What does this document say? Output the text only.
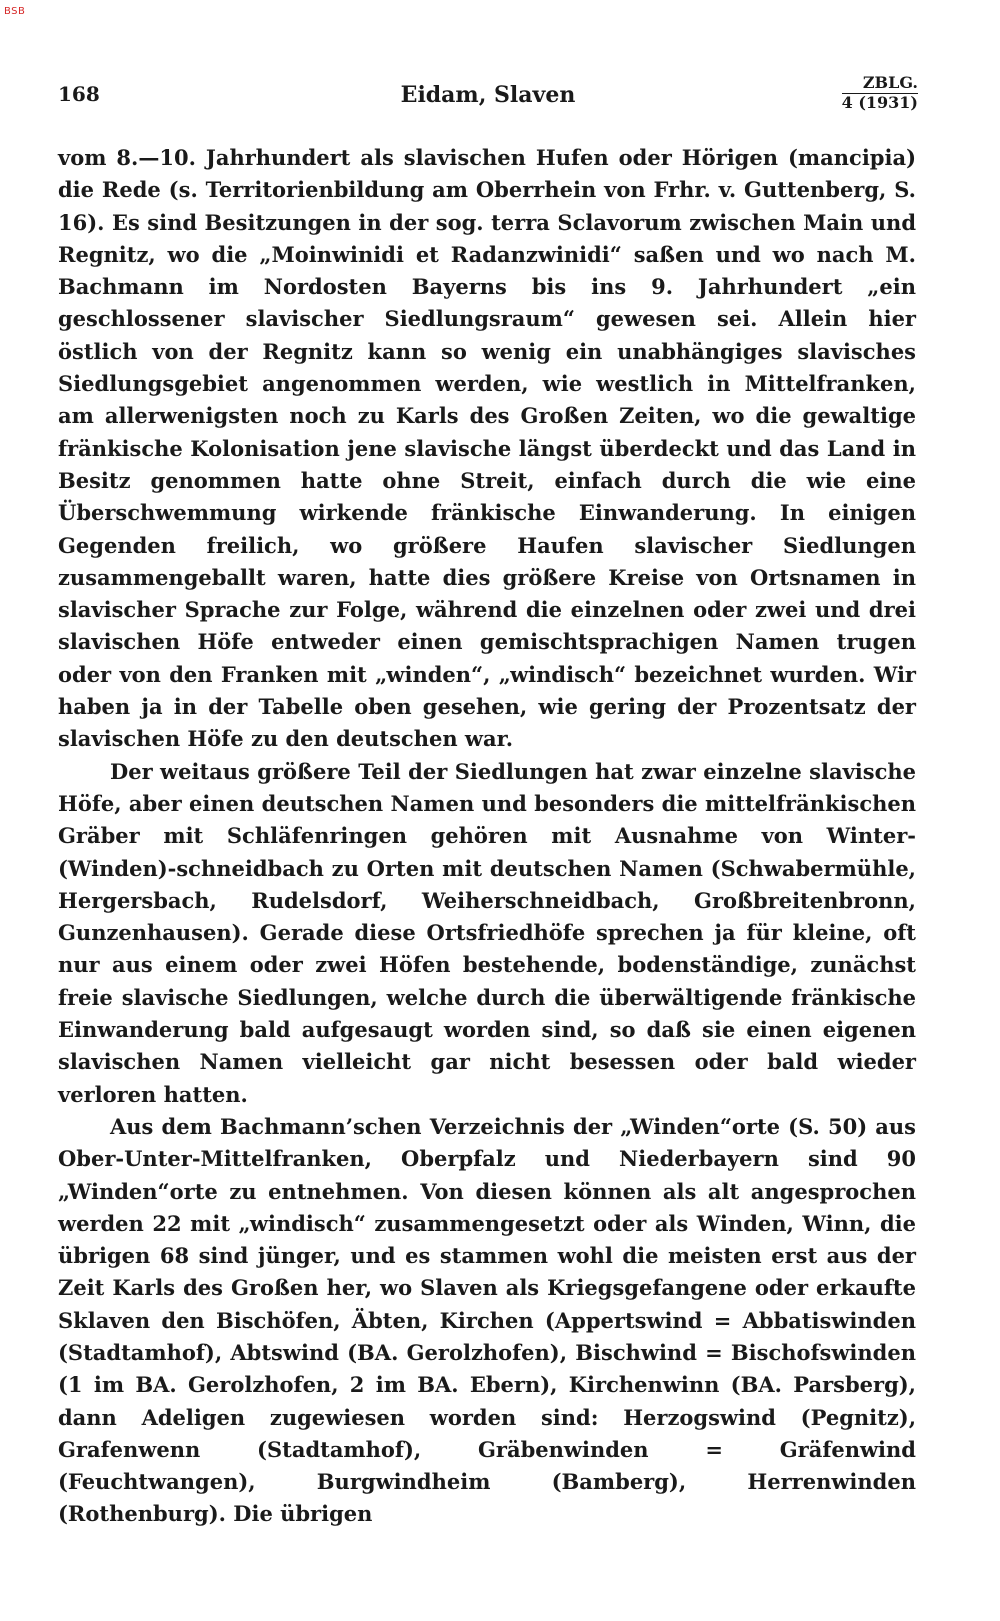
BSB
168	Eidam, Slaven	ZBLG.
4 (1931)

vom 8.—10. Jahrhundert als slavischen Hufen oder Hörigen (mancipia) die Rede (s. Territorienbildung am Oberrhein von Frhr. v. Guttenberg, S. 16). Es sind Besitzungen in der sog. terra Sclavorum zwischen Main und Regnitz, wo die „Moinwinidi et Radanzwinidi“ saßen und wo nach M. Bachmann im Nordosten Bayerns bis ins 9. Jahrhundert „ein geschlossener slavischer Siedlungsraum“ gewesen sei. Allein hier östlich von der Regnitz kann so wenig ein unabhängiges slavisches Siedlungsgebiet angenommen werden, wie westlich in Mittelfranken, am allerwenigsten noch zu Karls des Großen Zeiten, wo die gewaltige fränkische Kolonisation jene slavische längst überdeckt und das Land in Besitz genommen hatte ohne Streit, einfach durch die wie eine Überschwemmung wirkende fränkische Einwanderung. In einigen Gegenden freilich, wo größere Haufen slavischer Siedlungen zusammengeballt waren, hatte dies größere Kreise von Ortsnamen in slavischer Sprache zur Folge, während die einzelnen oder zwei und drei slavischen Höfe entweder einen gemischtsprachigen Namen trugen oder von den Franken mit „winden“, „windisch“ bezeichnet wurden. Wir haben ja in der Tabelle oben gesehen, wie gering der Prozentsatz der slavischen Höfe zu den deutschen war.

Der weitaus größere Teil der Siedlungen hat zwar einzelne slavische Höfe, aber einen deutschen Namen und besonders die mittelfränkischen Gräber mit Schläfenringen gehören mit Ausnahme von Winter-(Winden)-schneidbach zu Orten mit deutschen Namen (Schwabermühle, Hergersbach, Rudelsdorf, Weiherschneidbach, Großbreitenbronn, Gunzenhausen). Gerade diese Ortsfriedhöfe sprechen ja für kleine, oft nur aus einem oder zwei Höfen bestehende, bodenständige, zunächst freie slavische Siedlungen, welche durch die überwältigende fränkische Einwanderung bald aufgesaugt worden sind, so daß sie einen eigenen slavischen Namen vielleicht gar nicht besessen oder bald wieder verloren hatten.

Aus dem Bachmann’schen Verzeichnis der „Winden“orte (S. 50) aus Ober-Unter-Mittelfranken, Oberpfalz und Niederbayern sind 90 „Winden“orte zu entnehmen. Von diesen können als alt angesprochen werden 22 mit „windisch“ zusammengesetzt oder als Winden, Winn, die übrigen 68 sind jünger, und es stammen wohl die meisten erst aus der Zeit Karls des Großen her, wo Slaven als Kriegsgefangene oder erkaufte Sklaven den Bischöfen, Äbten, Kirchen (Appertswind = Abbatiswinden (Stadtamhof), Abtswind (BA. Gerolzhofen), Bischwind = Bischofswinden (1 im BA. Gerolzhofen, 2 im BA. Ebern), Kirchenwinn (BA. Parsberg), dann Adeligen zugewiesen worden sind: Herzogswind (Pegnitz), Grafenwenn (Stadtamhof), Gräbenwinden = Gräfenwind (Feuchtwangen), Burgwindheim (Bamberg), Herrenwinden (Rothenburg). Die übrigen
